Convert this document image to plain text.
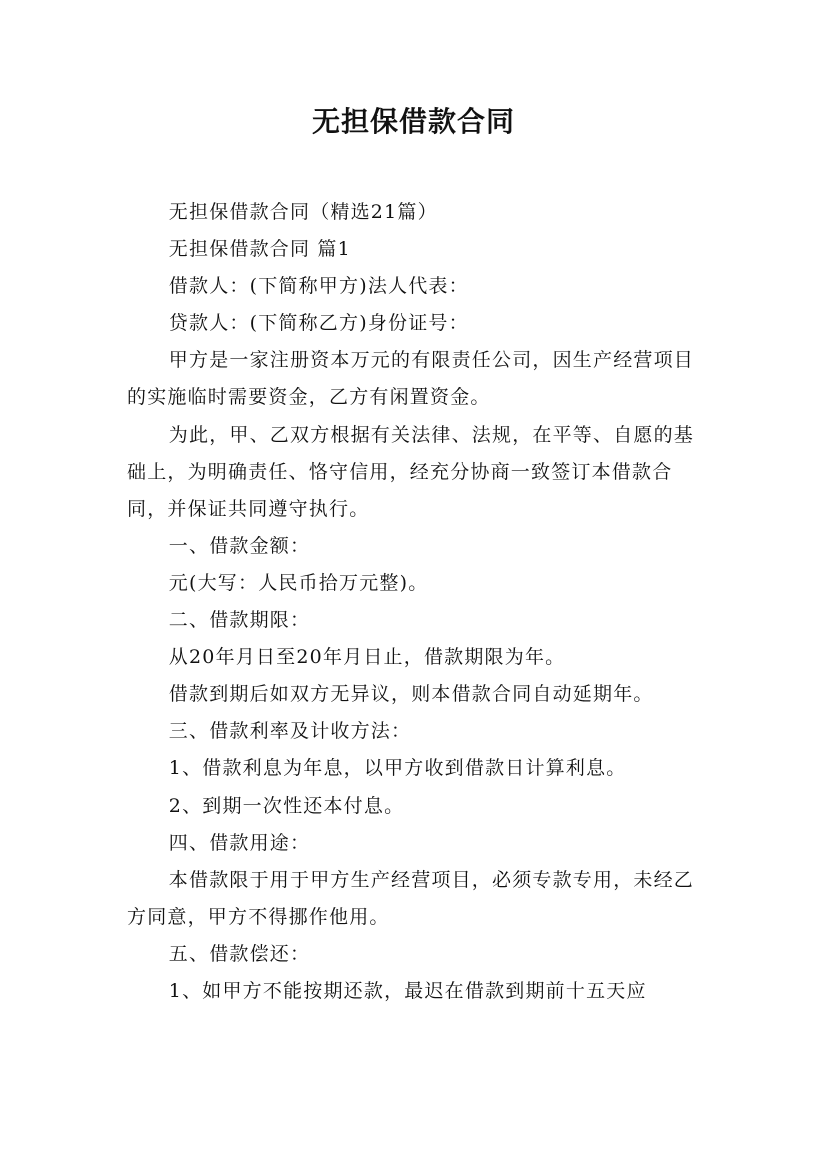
无担保借款合同

无担保借款合同（精选21篇）

无担保借款合同 篇1

借款人：(下简称甲方)法人代表：

贷款人：(下简称乙方)身份证号：

甲方是一家注册资本万元的有限责任公司，因生产经营项目的实施临时需要资金，乙方有闲置资金。

为此，甲、乙双方根据有关法律、法规，在平等、自愿的基础上，为明确责任、恪守信用，经充分协商一致签订本借款合同，并保证共同遵守执行。

一、借款金额：

元(大写：人民币拾万元整)。

二、借款期限：

从20年月日至20年月日止，借款期限为年。

借款到期后如双方无异议，则本借款合同自动延期年。

三、借款利率及计收方法：

1、借款利息为年息，以甲方收到借款日计算利息。

2、到期一次性还本付息。

四、借款用途：

本借款限于用于甲方生产经营项目，必须专款专用，未经乙方同意，甲方不得挪作他用。

五、借款偿还：

1、如甲方不能按期还款，最迟在借款到期前十五天应
